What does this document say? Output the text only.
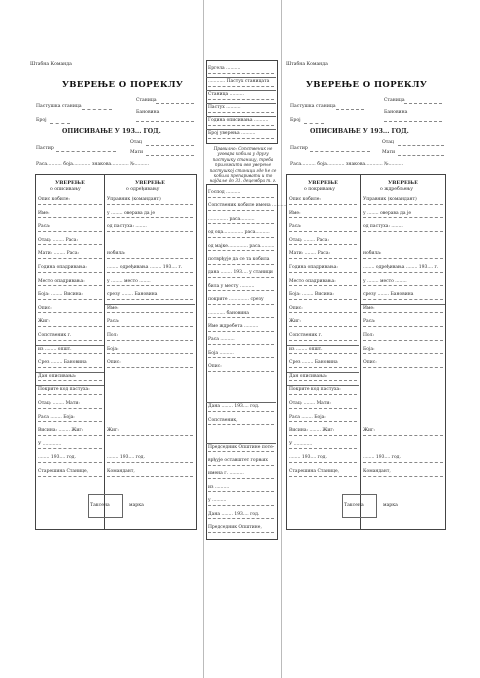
Штабна Команда
УВЕРЕЊЕ О ПОРЕКЛУ
Станица
Пастушка станица
Бановина
Број
ОПИСИВАЊЕ У 193... ГОД.
Отац
Пастир
Мати
Раса.......... боја............ знакова............ №..........
УВЕРЕЊЕ
о описивању
УВЕРЕЊЕ
о одређивању
Опис кобиле:
Име:
Раса:
Отац: ........ Раса:
Мати: ........ Раса:
Година опадривања:
Место опадривања:
Боја: ........ Висина:
Опис:
Жиг:
Сопственик г.
из ........ општ.
Срез ........ Бановина
Дан описивања:
Покрите код пастуха:
Отац: ........ Мати:
Раса ........ Боја:
Висина: ........ Жиг:
У .............
........ 193.... год.
Старешина Станице,
Управник (командант)
у ........ оверава да је
од пастуха: ........
нобила:
........ одређивања ........ 193.... г.
у ........ место ........
срезу ........ Бановина
Име:
Раса:
Пол:
Боја:
Опис:
Жиг:
........ 193.... год.
Командант,
Таксена	марка
Ергела ..........
............ Пастух станицата
Станица ..........
Пастух ..........
Година описивања ..........
Број уверења ..........
Правилно: Сопственик не уговара кобила у другу пастушку станицу, треба приложити ово уверење пастушкој станици где ће се кобила препаривати и то најдаље до 31. децембра т. г.
Господ ..........
Сопственик кобиле имена ..........
.............. раса..........
од оца.............. раса..........
од мајке.............. раса..........
потврђује да се та кобила
дана ........ 193.... у станици
била у месту ..........
покрите .............. срезу
............ бановина
Име ждребета ..........
Раса ..........
Боја ..........
Опис:
Дана ........ 193.... год.
Сопственик,
Председник Општине поте-
врђује оставштет горњих
имена г. ..........
из ..........
у ..........
Дана ........ 193.... год.
Председник Општине,
Штабна Команда
УВЕРЕЊЕ О ПОРЕКЛУ
Станица
Пастушка станица
Бановина
Број
ОПИСИВАЊЕ У 193... ГОД.
Отац
Пастир
Мати
Раса.......... боја............ знакова............ №..........
УВЕРЕЊЕ
о покривању
УВЕРЕЊЕ
о ждребљењу
Опис кобиле:
Име:
Раса:
Отац: ........ Раса:
Мати: ........ Раса:
Година опадривања:
Место опадривања:
Боја: ........ Висина:
Опис:
Жиг:
Сопственик г.
из ........ општ.
Срез ........ Бановина
Дан описивања:
Покрите код пастуха:
Отац: ........ Мати:
Раса ........ Боја:
Висина: ........ Жиг:
У .............
........ 193.... год.
Старешина Станице,
Управник (командант)
у ........ оверава да је
од пастуха: ........
нобила:
........ одређивања ........ 193.... г.
у ........ место ........
срезу ........ Бановина
Име:
Раса:
Пол:
Боја:
Опис:
Жиг:
........ 193.... год.
Командант,
Таксена	марка
